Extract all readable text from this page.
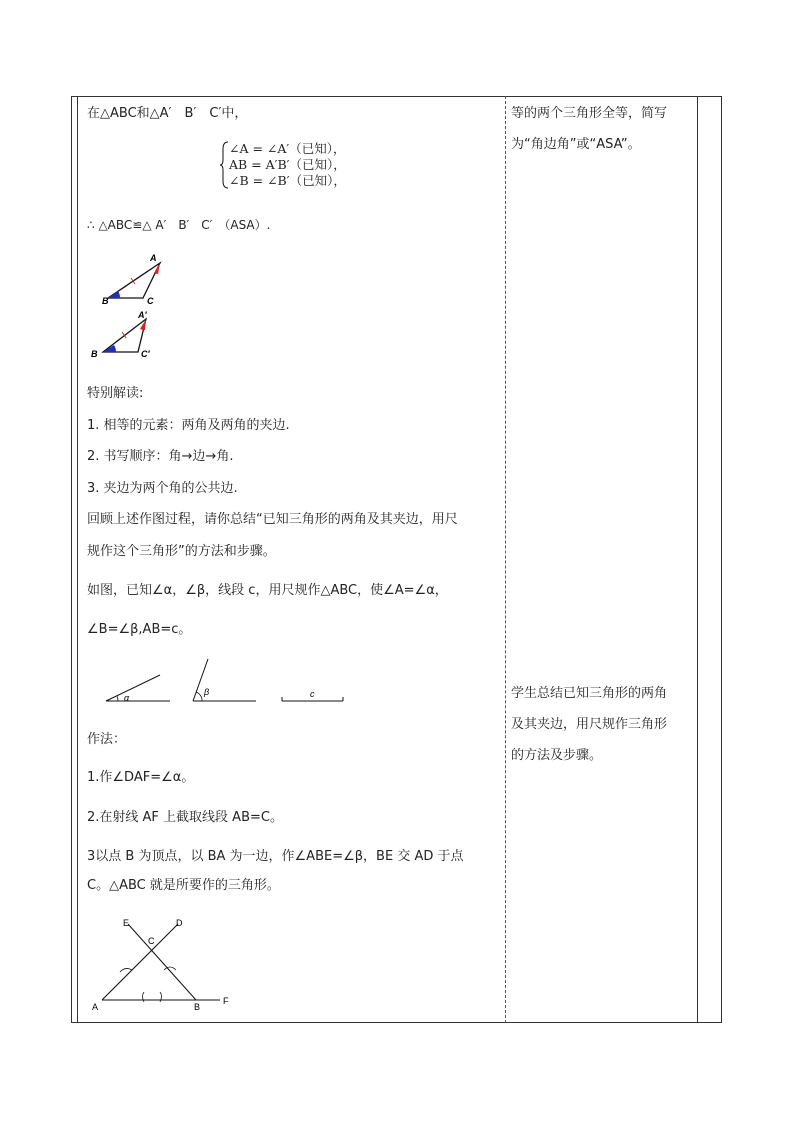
在△ABC和△A′　B′　C′中，
∠A = ∠A′（已知），
AB = A′B′（已知），
∠B = ∠B′（已知），
∴ △ABC≌△ A′　B′　C′　（ASA）.
A
B	C
A′
B	C′
特别解读:
1. 相等的元素：两角及两角的夹边.
2. 书写顺序：角→边→角.
3. 夹边为两个角的公共边.
回顾上述作图过程，请你总结“已知三角形的两角及其夹边，用尺
规作这个三角形”的方法和步骤。
如图，已知∠α，∠β，线段 c，用尺规作△ABC，使∠A=∠α，
∠B=∠β,AB=c。
α
β	c
作法：
1.作∠DAF=∠α。
2.在射线 AF 上截取线段 AB=C。
3以点 B 为顶点，以 BA 为一边，作∠ABE=∠β，BE 交 AD 于点
C。△ABC 就是所要作的三角形。
E	D
C
A	B
F
等的两个三角形全等，简写
为“角边角”或“ASA”。
学生总结已知三角形的两角
及其夹边，用尺规作三角形
的方法及步骤。
